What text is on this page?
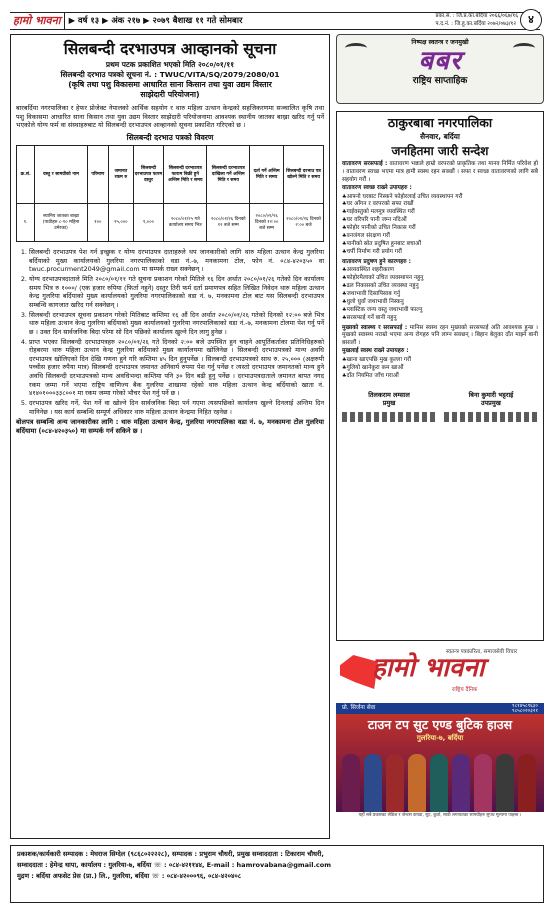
हामो भावना ▶ वर्ष १३ ▶ अंक २१७ ▶ २०७९ बैशाख ११ गते सोमबार	प्रका.सं. : जि.प्र.का.बर्दिया २०६६/०६७/१६
प.द.नं. : जि.हु.का.बर्दिया २०७२/०७३/१२	४
सिलबन्दी दरभाउपत्र आव्हानको सूचना
प्रथम पटक प्रकाशित भएको मिति २०८०/०१/११
सिलबन्दी दरभाउ पत्रको सूचना नं. : TWUC/VITA/SQ/2079/2080/01
(कृषि तथा पशु विकासमा आधारित साना किसान तथा युवा उद्यम विस्तार
साझेदारी परियोजना)

बारबर्दिया नगरपालिका र हेफर प्रोजेक्ट नेपालको आर्थिक सहयोग र थारु महिला उत्थान केन्द्रको सहजिकरणमा सञ्चालित कृषि तथा पशु विकासमा आधारित साना किसान तथा युवा उद्यम विस्तार साझेदारी परियोजनामा आवश्यक स्थानीय जातका बाख्रा खरिद गर्नु पर्ने भएकोले योग्य फर्म वा संस्थाहरुबाट यो सिलबन्दी दरभाउपत्र आव्हानको सूचना प्रकाशित गरिएको छ ।

सिलबन्दी दरभाउ पत्रको विवरण
क्र.सं.	वस्तु र सामग्रीको नाम	परिमाण	जमानत रकम रु	सिलबन्दी दरभाउपत्र फारम दस्तुर	सिलबन्दी दरभाउपत्र फाराम बिक्री हुने अन्तिम मिति र समय	सिलबन्दी दरभाउपत्र दाखिला गर्ने अन्तिम मिति र समय	दर्ता गर्ने अन्तिम मिति र समय	सिलबन्दी दरभाउ पत्र खोल्ने मिति र समय
१.	स्थानिय जातका बाख्रा (पाठीहरु ८-१० महिना उमेरका)	१००	२५,०००	१,०००	२०८०/०१/२५ गते कार्यालय समय भित्र	२०८०/०१/२६ दिनको १२ बजे सम्म	२०८०/०१/२६ दिनको १२:०० बजे सम्म	२०८०/०१/२६ दिनको २:०० बजे
1. सिलबन्दी दरभाउपत्र पेश गर्न इच्छुक र योग्य दरभाउपत्र दाताहरुले थप जानकारीको लागि थारु महिला उत्थान केन्द्र गुलरिया बर्दियाको मुख्य कार्यालयको गुलरिया नगरपालिकाको वडा नं.-७, मनकामना टोल, फोन नं. ०८४-४२०३५० वा twuc.procurment2049@gmail.com मा सम्पर्क राख्न सक्नेछन् ।
2. योग्य दरभाउपत्रदाताले मिति २०८०/०१/११ गते सूचना प्रकाशन गरेको मितिले १६ दिन अर्थात २०८०/०१/२६ गतेको दिन कार्यालय समय भित्र रु १०००/ (एक हजार रुपिया (फिर्ता नहुने) दस्तुर तिरी फर्म दर्ता प्रमाणपत्र सहित लिखित निवेदन थारु महिला उत्थान केन्द्र गुलरिया बर्दियाको मुख्य कार्यालयको गुलरिया नगरपालिकाको वडा नं. ७, मनकामना टोल बाट यस सिलबन्दी दरभाउपत्र सम्बन्धि कागजात खरिद गर्न सक्नेछन् ।
3. सिलबन्दी दरभाउपत्र सूचना प्रकाशन गरेको मितिबाट कम्तिमा १६ औं दिन अर्थात २०८०/०१/२६ गतेको दिनको १२:०० बजे भित्र थारु महिला उत्थान केन्द्र गुलरिया बर्दियाको मुख्य कार्यालयको गुलरिया नगरपालिकाको वडा नं.-७, मनकामना टोलमा पेश गर्नु पर्ने छ । उक्त दिन सार्वजनिक बिदा परेमा सो दिन पछिको कार्यालय खुल्ने दिन लागु हुनेछ ।
4. प्राप्त भएका सिलबन्दी दरभाउपत्रहरु २०८०/०१/२६ गते दिनको २:०० बजे उपस्थित हुन चाहने आपूर्तिकर्ताका प्रतिनिधिहरुको रोहबरमा थारु महिला उत्थान केन्द्र गुलरिया बर्दियाको मुख्य कार्यालयमा खोलिनेछ । सिलबन्दी दरभाउपत्रको मान्य अवधि दरभाउपत्र खोलिएको दिन देखि गणना हुने गरि कम्तिमा ४५ दिन हुनुपर्नेछ । सिलबन्दी दरभाउपत्रको साथ रु. २५,००० (अक्षरुपी पच्चीस हजार रुपैया मात्र) सिलबन्दी दरभाउपत्र जमानत अनिवार्य रुपमा पेश गर्नु पर्नेछ र त्यस्तो दरभाउपत्र जमानतको मान्य हुने अवधि सिलबन्दी दरभाउपत्रको मान्य अवधिभन्दा कम्तिमा पनि ३० दिन बढी हुनु पर्नेछ । दरभाउपत्रदाताले जमानत बापत नगद रकम जम्मा गर्ने भएमा राष्ट्रिय वाणिज्य बैक गुलरिया शाखामा रहेको थारु महिला उत्थान केन्द्र बर्दियाको खाता नं. ४१४०१०००३३८००१ मा रकम जम्मा गरेको भौचर पेश गर्नु पर्ने छ ।
5. दरभाउपत्र खरिद गर्ने, पेश गर्ने वा खोल्ने दिन सार्वजनिक बिदा पर्न गएमा त्यसपछिको कार्यालय खुल्ने दिनलाई अन्तिम दिन मानिनेछ । यस कार्य सम्बन्धि सम्पूर्ण अधिकार थारु महिला उत्थान केन्द्रमा निहित रहनेछ ।

बोलपत्र सम्बन्धि अन्य जानकारीका लागि : थारु महिला उत्थान केन्द्र, गुलरिया नगरपालिका वडा नं. ७, मनकामना टोल गुलरिया बर्दियामा (०८४-४२०३५०) मा सम्पर्क गर्न सकिने छ ।

निष्पक्ष स्वतन्त्र र जनमुखी
बबर
राष्ट्रिय साप्ताहिक
ठाकुरबाबा नगरपालिका
सैनवार, बर्दिया
जनहितमा जारी सन्देश

वातावरण सरसफाई : वातावरण भन्नाले हाम्रो वरपरको प्राकृतिक तथा मानव निर्मित परिवेश हो । वातावरण स्वच्छ भएमा मात्र हामी स्वस्थ रहन सक्छौं । सफा र स्वच्छ वातावरणको लागि सबै सहयोग गरौं ।

वातावरण स्वच्छ राख्ने उपायहरु :
♣ आफ्नो घरबाट निस्कने फोहोरलाई उचित व्यवस्थापन गरौं
♣ घर आँगन र वरपरको सफा राखौं
♣ गाईवस्तुको मलमूत्र व्यवस्थित गरौं
♣ घर वरिपरि पानी जम्न नदिऔं
♣ फोहोर पानीको उचित निकास गरौं
♣ वनजंगल संरक्षण गरौं
♣ पानीको स्रोत प्रदुषित हुनबाट बचाऔं
♣ चर्पी निर्माण गरी प्रयोग गरौं
वातावरण प्रदुषण हुने कारणहरु :
♣ अव्यवस्थित शहरीकरण
♣ फोहोरमैलाको उचित व्यवस्थापन नहुनु
♣ ढल निकासको उचित व्यवस्था नहुनु
♣ जथाभावी दिसापिसाब गर्नु
♣ धुलो धुवाँ जथाभावी निस्कनु
♣ प्लास्टिक जन्य वस्तु जथाभावी फाल्नु
♣ सरसफाई गर्ने बानी नहुनु

मुख्यको स्वास्थ्य र सरसफाई : मानिस स्वस्थ रहन मुख्यको सरसफाई अति आवश्यक हुन्छ । मुखको स्वास्थ्य नराम्रो भएमा अन्य रोगहरु पनि लाग्न सक्छन् । बिहान बेलुका दाँत माझ्ने बानी बसालौं ।

मुखलाई स्वस्थ राख्ने उपायहरु :
♣ खाना खाएपछि मुख कुल्ला गरौं
♣ गुलियो खानेकुरा कम खाऔं
♣ दाँत नियमित जाँच गराऔं
तिलकराम लम्साल
प्रमुख
बिना कुमारी भट्टराई
उपप्रमुख
हामो भावना
स्वतन्त्र पत्रकारिता, समाजसेवी विचार
राष्ट्रिय दैनिक
प्रो. सिर्जना सेवा	९८१४५८९६३०
९८५८०२०३२१
टाउन टप सुट एण्ड बुटिक हाउस
गुलरिया-७, बर्दिया
यहाँ सबै प्रकारका लेडिज र जेन्टस कपडा, सुट, कुर्ता, साडी लगायतका सामग्रीहरु सुपथ मूल्यमा पाइन्छ ।
प्रकाशक/कार्यकारी सम्पादक : मेघराज सिग्देल (९८६८०२२२२८), सम्पादक : प्रभुराम चौधरी, प्रमुख सम्वाददाता : टिकाराम चौधरी,
सम्वाददाता : हेमेन्द्र थापा, कार्यालय : गुलरिया-७, बर्दिया ☏ : ०८४-४२११४४, E-mail : hamrovabana@gmail.com
मुद्रण : बर्दिया अफसेट प्रेस (प्रा.) लि., गुलरिया, बर्दिया ☏ : ०८४-४२०००९६, ०८४-४२०४०८
